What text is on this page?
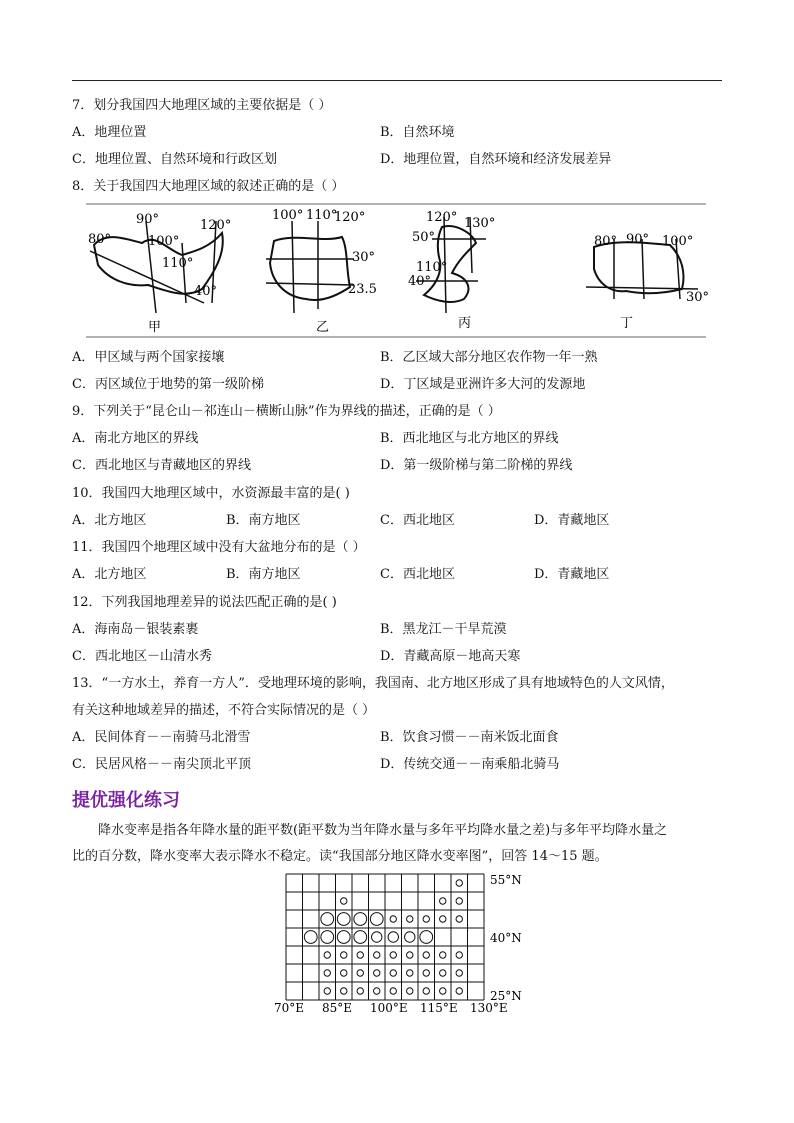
7．划分我国四大地理区域的主要依据是（ ）
A．地理位置	B．自然环境
C．地理位置、自然环境和行政区划	D．地理位置，自然环境和经济发展差异
8．关于我国四大地理区域的叙述正确的是（ ）
90°
80°	100°
120°
110°
40°
甲
100° 110°
120°
30°
23.5
乙
120° 130°
50°
110°
40°
丙
80° 90° 100°
30°
丁
A．甲区域与两个国家接壤	B．乙区域大部分地区农作物一年一熟
C．丙区域位于地势的第一级阶梯	D．丁区域是亚洲许多大河的发源地
9．下列关于“昆仑山－祁连山－横断山脉”作为界线的描述，正确的是（ ）
A．南北方地区的界线	B．西北地区与北方地区的界线
C．西北地区与青藏地区的界线	D．第一级阶梯与第二阶梯的界线
10．我国四大地理区域中，水资源最丰富的是( )
A．北方地区	B．南方地区	C．西北地区	D．青藏地区
11．我国四个地理区域中没有大盆地分布的是（ ）
A．北方地区	B．南方地区	C．西北地区	D．青藏地区
12．下列我国地理差异的说法匹配正确的是( )
A．海南岛－银装素裹	B．黑龙江－干旱荒漠
C．西北地区－山清水秀	D．青藏高原－地高天寒
13．“一方水土，养育一方人”．受地理环境的影响，我国南、北方地区形成了具有地域特色的人文风情，
有关这种地域差异的描述，不符合实际情况的是（ ）
A．民间体育－－南骑马北滑雪	B．饮食习惯－－南米饭北面食
C．民居风格－－南尖顶北平顶	D．传统交通－－南乘船北骑马
提优强化练习
降水变率是指各年降水量的距平数(距平数为当年降水量与多年平均降水量之差)与多年平均降水量之
比的百分数，降水变率大表示降水不稳定。读“我国部分地区降水变率图”，回答 14～15 题。
55°N
40°N
25°N
70°E 85°E 100°E 115°E 130°E
